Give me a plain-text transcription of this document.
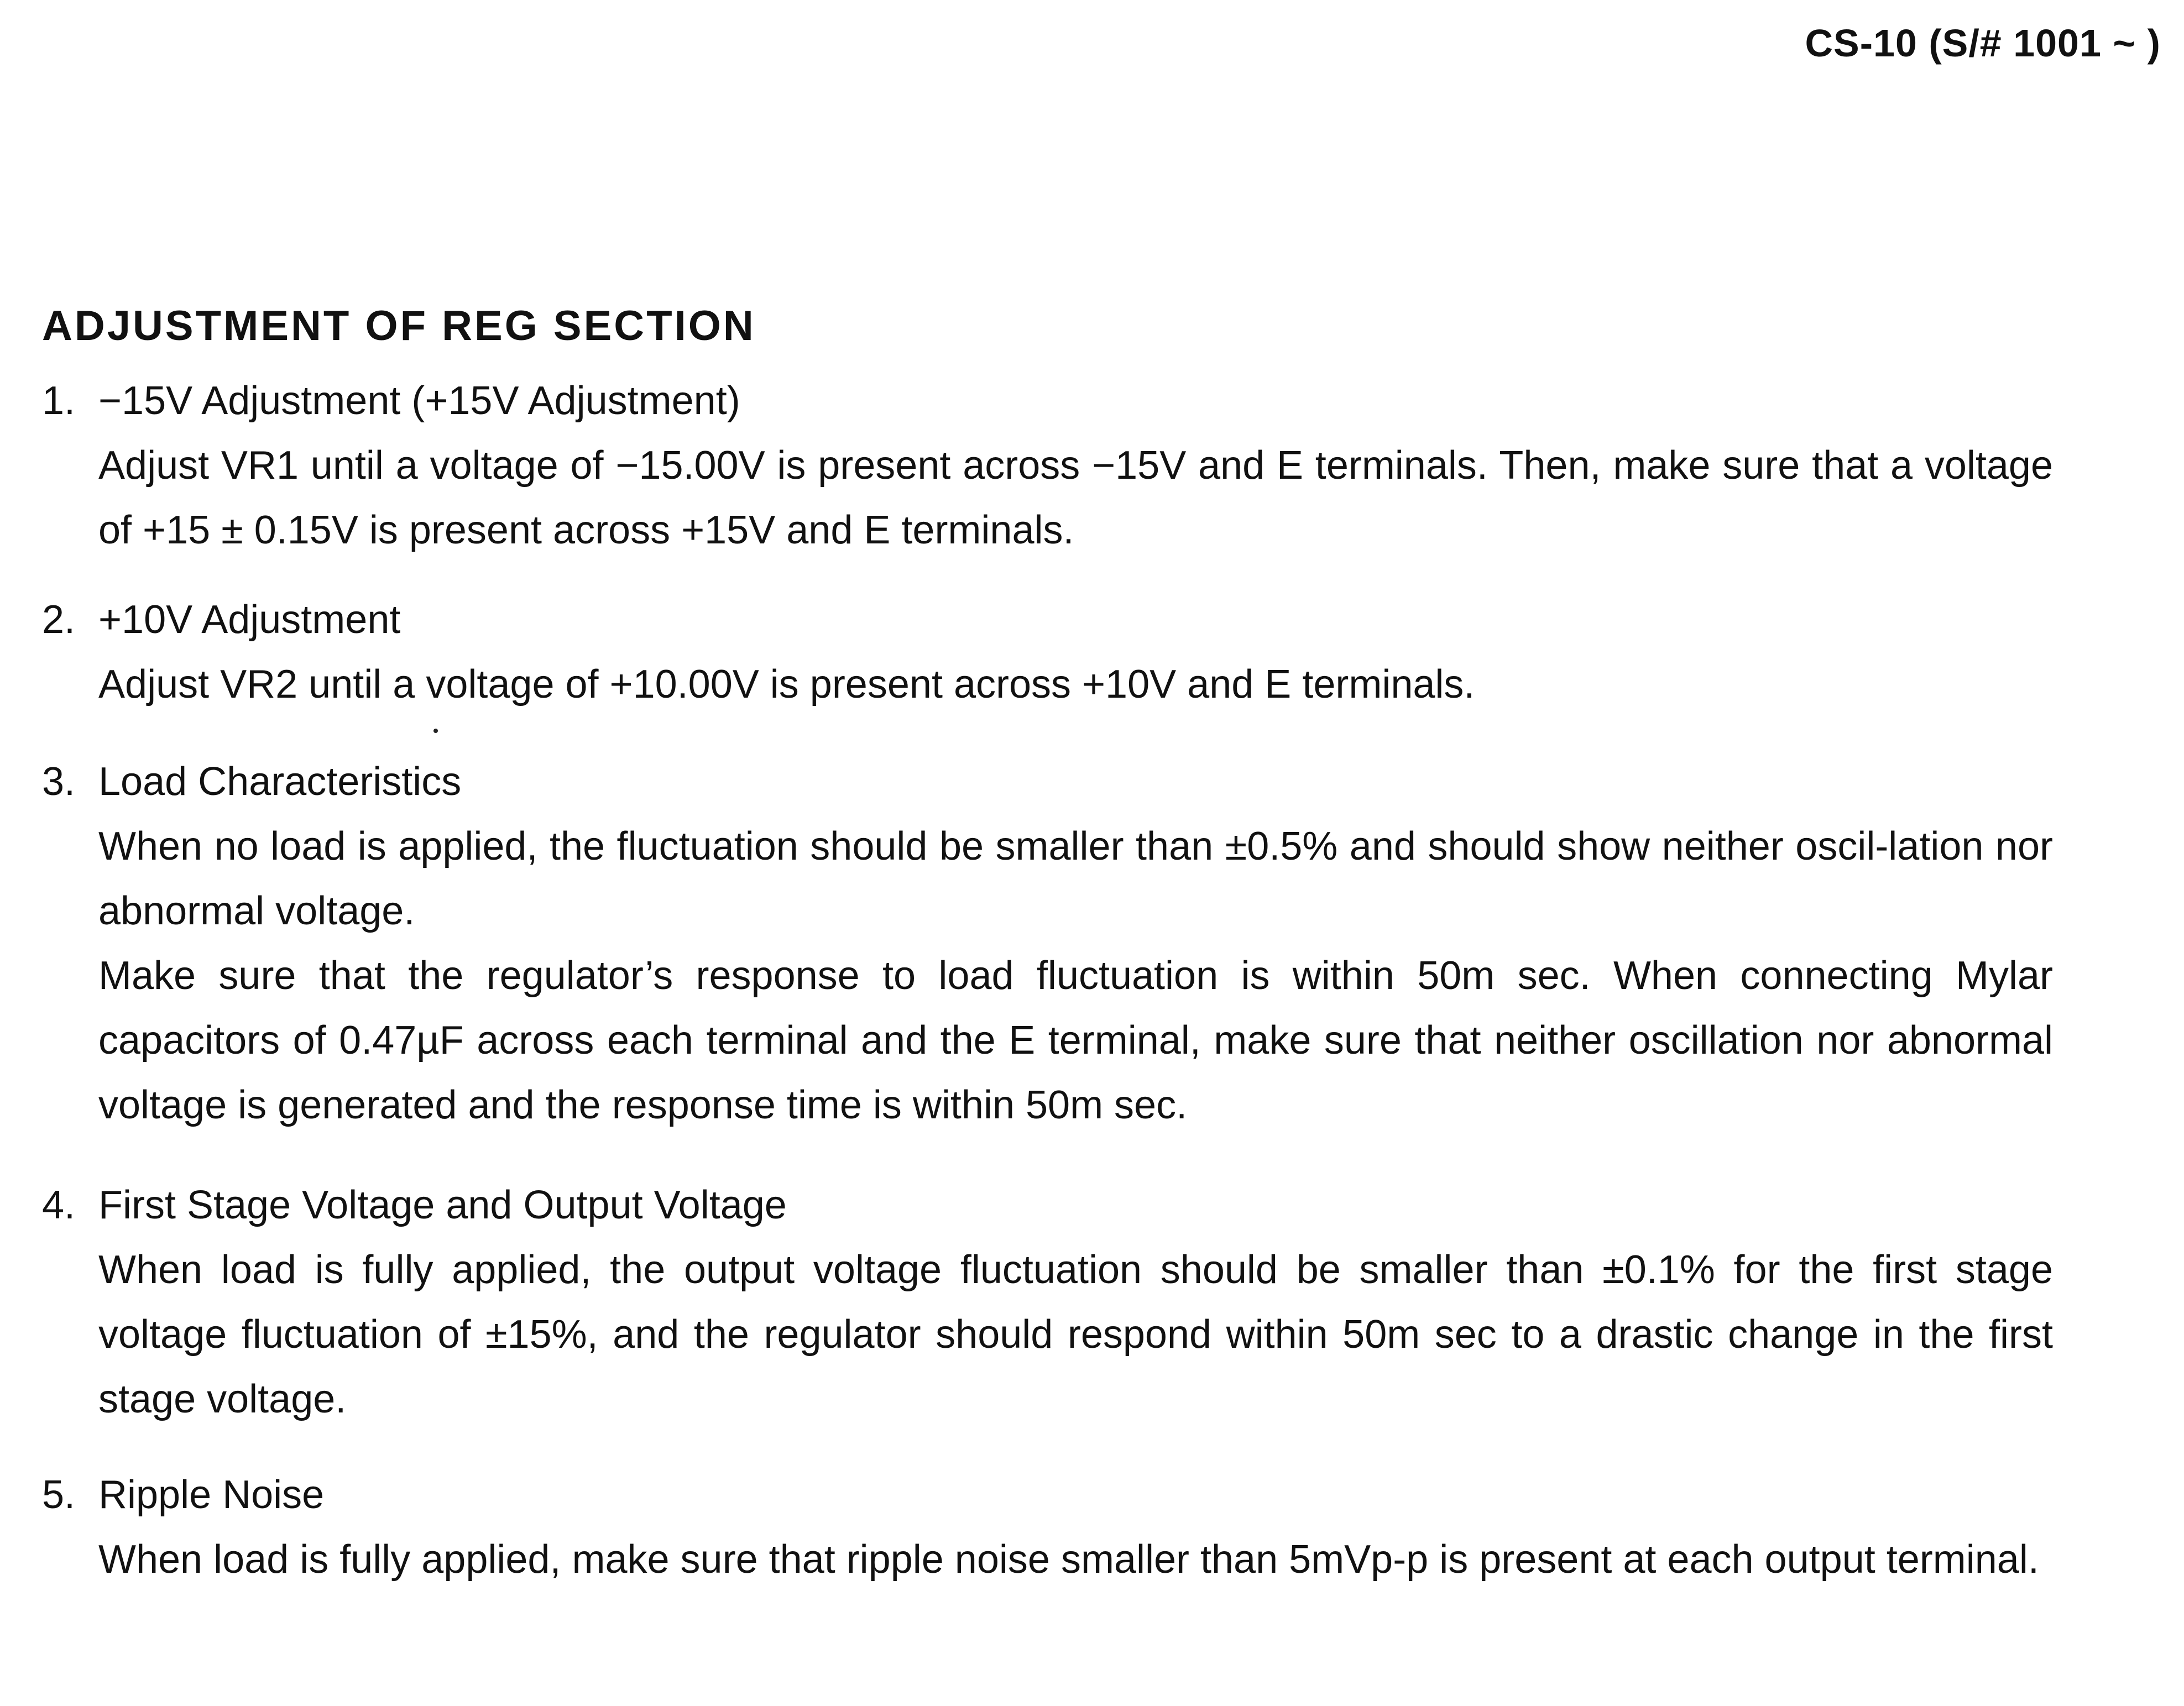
CS-10 (S/# 1001 ~ )
ADJUSTMENT OF REG SECTION
1. −15V Adjustment (+15V Adjustment)

Adjust VR1 until a voltage of −15.00V is present across −15V and E terminals. Then, make sure that a voltage of +15 ± 0.15V is present across +15V and E terminals.

2. +10V Adjustment

Adjust VR2 until a voltage of +10.00V is present across +10V and E terminals.

3. Load Characteristics

When no load is applied, the fluctuation should be smaller than ±0.5% and should show neither oscil-lation nor abnormal voltage.

Make sure that the regulator’s response to load fluctuation is within 50m sec. When connecting Mylar capacitors of 0.47µF across each terminal and the E terminal, make sure that neither oscillation nor abnormal voltage is generated and the response time is within 50m sec.

4. First Stage Voltage and Output Voltage

When load is fully applied, the output voltage fluctuation should be smaller than ±0.1% for the first stage voltage fluctuation of ±15%, and the regulator should respond within 50m sec to a drastic change in the first stage voltage.

5. Ripple Noise

When load is fully applied, make sure that ripple noise smaller than 5mVp-p is present at each output terminal.
